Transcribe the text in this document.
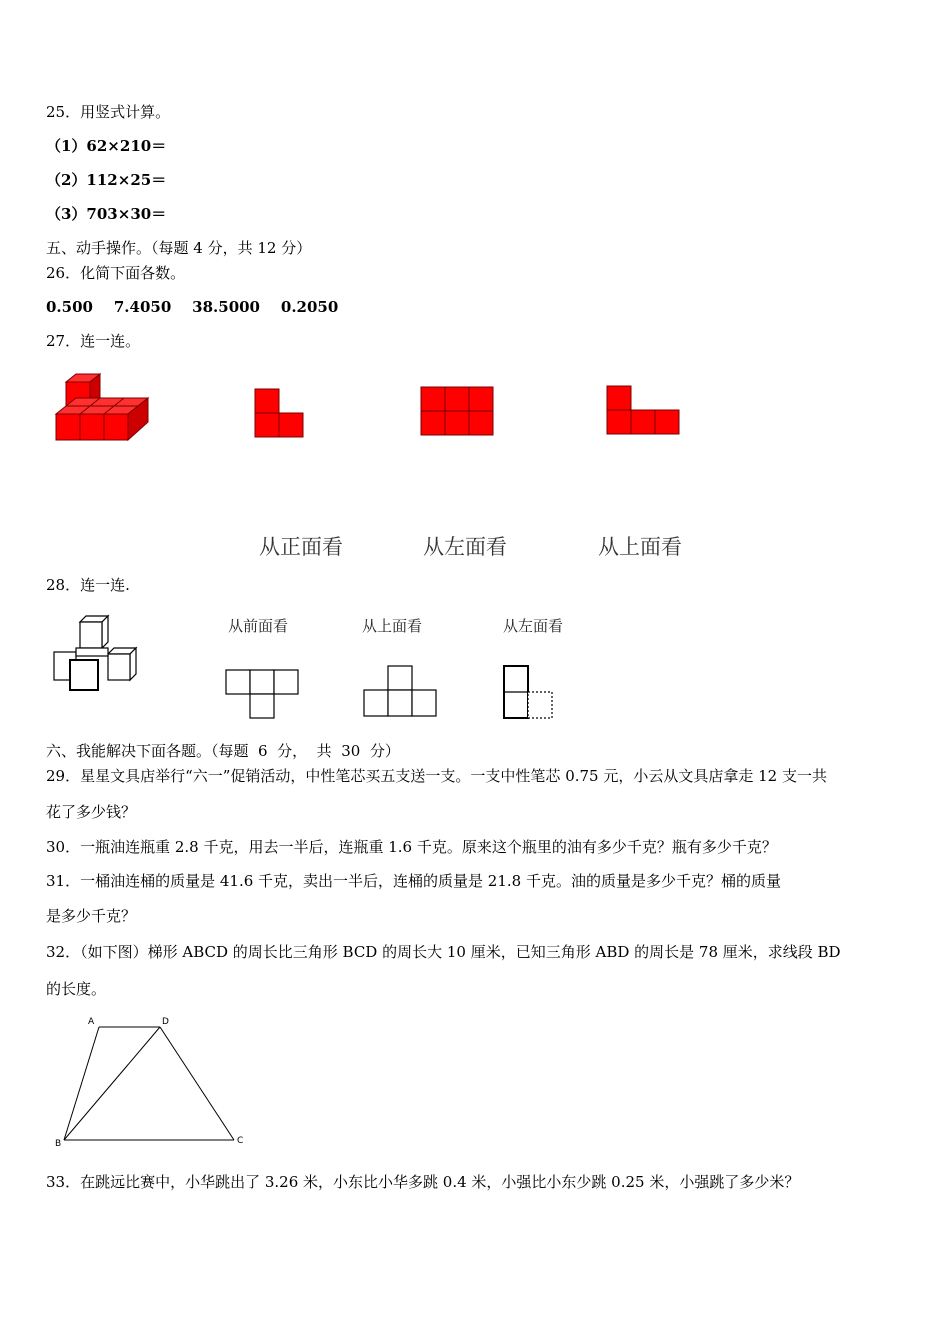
25．用竖式计算。
（1）62×210＝
（2）112×25＝
（3）703×30＝
五、动手操作。（每题 4 分，共 12 分）
26．化简下面各数。
0.500    7.4050    38.5000    0.2050
27．连一连。
从正面看	从左面看	从上面看
28．连一连.
从前面看	从上面看	从左面看
六、我能解决下面各题。（每题  6  分，  共  30  分）
29．星星文具店举行“六一”促销活动，中性笔芯买五支送一支。一支中性笔芯 0.75 元，小云从文具店拿走 12 支一共
花了多少钱？
30．一瓶油连瓶重 2.8 千克，用去一半后，连瓶重 1.6 千克。原来这个瓶里的油有多少千克？瓶有多少千克？
31．一桶油连桶的质量是 41.6 千克，卖出一半后，连桶的质量是 21.8 千克。油的质量是多少千克？桶的质量
是多少千克？
32．（如下图）梯形 ABCD 的周长比三角形 BCD 的周长大 10 厘米，已知三角形 ABD 的周长是 78 厘米，求线段 BD
的长度。
A	D
B	C
33．在跳远比赛中，小华跳出了 3.26 米，小东比小华多跳 0.4 米，小强比小东少跳 0.25 米，小强跳了多少米？
